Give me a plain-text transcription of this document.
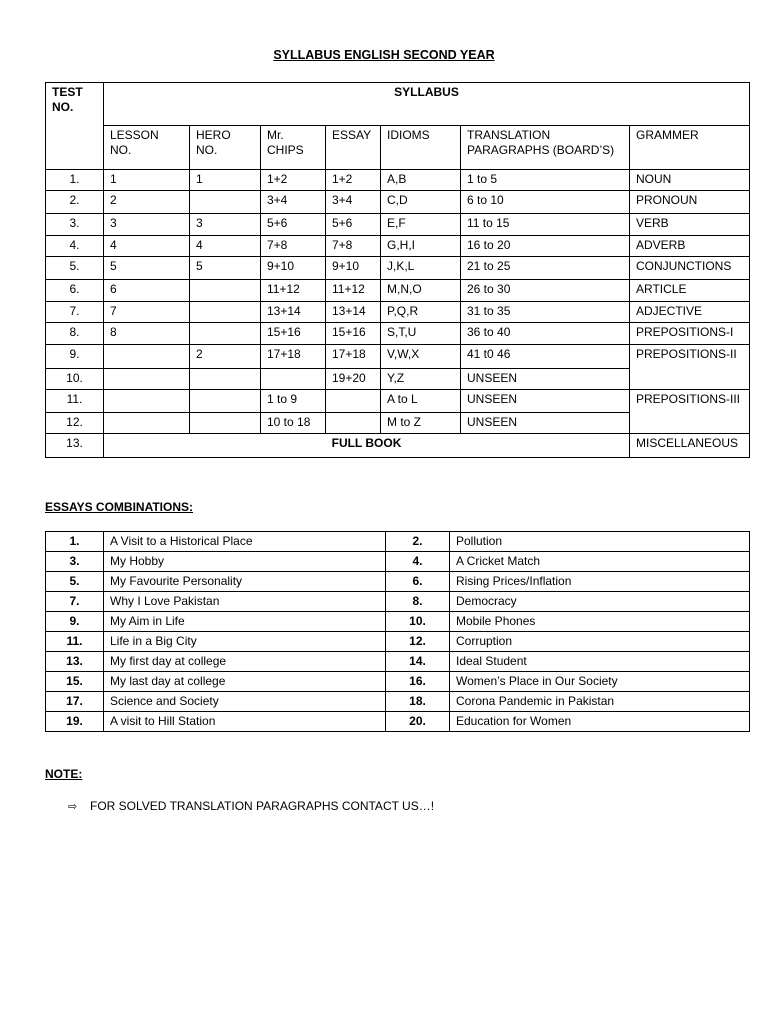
SYLLABUS ENGLISH SECOND YEAR
TEST NO.	SYLLABUS						
	LESSON NO.	HERO NO.	Mr. CHIPS	ESSAY	IDIOMS	TRANSLATION PARAGRAPHS (BOARD’S)	GRAMMER
1.	1	1	1+2	1+2	A,B	1 to 5	NOUN
2.	2		3+4	3+4	C,D	6 to 10	PRONOUN
3.	3	3	5+6	5+6	E,F	11 to 15	VERB
4.	4	4	7+8	7+8	G,H,I	16 to 20	ADVERB
5.	5	5	9+10	9+10	J,K,L	21 to 25	CONJUNCTIONS
6.	6		11+12	11+12	M,N,O	26 to 30	ARTICLE
7.	7		13+14	13+14	P,Q,R	31 to 35	ADJECTIVE
8.	8		15+16	15+16	S,T,U	36 to 40	PREPOSITIONS-I
9.		2	17+18	17+18	V,W,X	41 t0 46	PREPOSITIONS-II
10.				19+20	Y,Z	UNSEEN	
11.			1 to 9		A to L	UNSEEN	PREPOSITIONS-III
12.			10 to 18		M to Z	UNSEEN	
13.	FULL BOOK						MISCELLANEOUS
ESSAYS COMBINATIONS:
1.	A Visit to a Historical Place	2.	Pollution
3.	My Hobby	4.	A Cricket Match
5.	My Favourite Personality	6.	Rising Prices/Inflation
7.	Why I Love Pakistan	8.	Democracy
9.	My Aim in Life	10.	Mobile Phones
11.	Life in a Big City	12.	Corruption
13.	My first day at college	14.	Ideal Student
15.	My last day at college	16.	Women’s Place in Our Society
17.	Science and Society	18.	Corona Pandemic in Pakistan
19.	A visit to Hill Station	20.	Education for Women
NOTE:
⇨ FOR SOLVED TRANSLATION PARAGRAPHS CONTACT US…!
